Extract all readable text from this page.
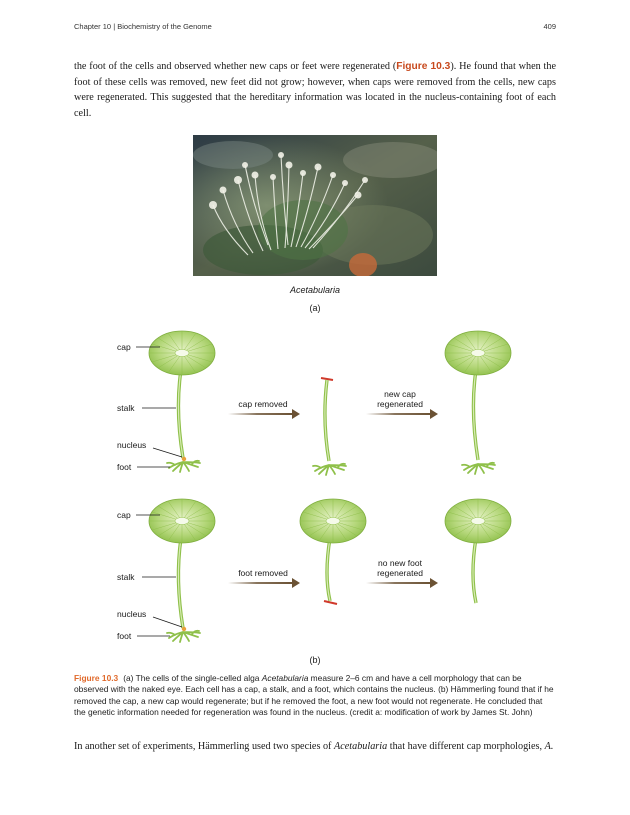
Chapter 10 | Biochemistry of the Genome	409
the foot of the cells and observed whether new caps or feet were regenerated (Figure 10.3). He found that when the foot of these cells was removed, new feet did not grow; however, when caps were removed from the cells, new caps were regenerated. This suggested that the hereditary information was located in the nucleus-containing foot of each cell.
Acetabularia
(a)
cap
stalk
nucleus
foot
cap removed
new cap
regenerated
cap
stalk
nucleus
foot
foot removed
no new foot
regenerated
(b)
Figure 10.3 (a) The cells of the single-celled alga Acetabularia measure 2–6 cm and have a cell morphology that can be observed with the naked eye. Each cell has a cap, a stalk, and a foot, which contains the nucleus. (b) Hämmerling found that if he removed the cap, a new cap would regenerate; but if he removed the foot, a new foot would not regenerate. He concluded that the genetic information needed for regeneration was found in the nucleus. (credit a: modification of work by James St. John)
In another set of experiments, Hämmerling used two species of Acetabularia that have different cap morphologies, A.
